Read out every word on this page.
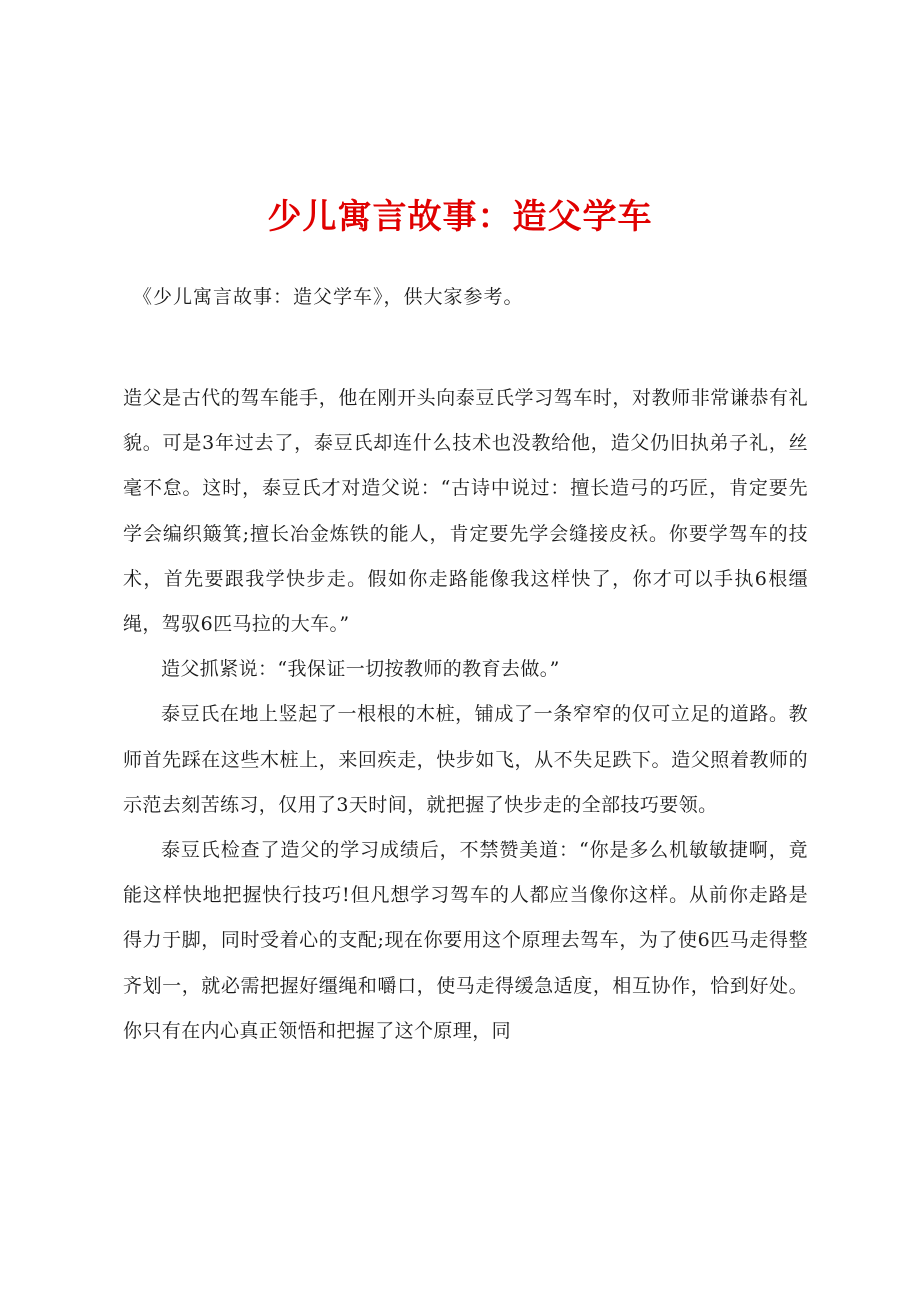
少儿寓言故事：造父学车

《少儿寓言故事：造父学车》，供大家参考。

造父是古代的驾车能手，他在刚开头向泰豆氏学习驾车时，对教师非常谦恭有礼貌。可是3年过去了，泰豆氏却连什么技术也没教给他，造父仍旧执弟子礼，丝毫不怠。这时，泰豆氏才对造父说：“古诗中说过：擅长造弓的巧匠，肯定要先学会编织簸箕;擅长冶金炼铁的能人，肯定要先学会缝接皮袄。你要学驾车的技术，首先要跟我学快步走。假如你走路能像我这样快了，你才可以手执6根缰绳，驾驭6匹马拉的大车。”

造父抓紧说：“我保证一切按教师的教育去做。”

泰豆氏在地上竖起了一根根的木桩，铺成了一条窄窄的仅可立足的道路。教师首先踩在这些木桩上，来回疾走，快步如飞，从不失足跌下。造父照着教师的示范去刻苦练习，仅用了3天时间，就把握了快步走的全部技巧要领。

泰豆氏检查了造父的学习成绩后，不禁赞美道：“你是多么机敏敏捷啊，竟能这样快地把握快行技巧!但凡想学习驾车的人都应当像你这样。从前你走路是得力于脚，同时受着心的支配;现在你要用这个原理去驾车，为了使6匹马走得整齐划一，就必需把握好缰绳和嚼口，使马走得缓急适度，相互协作，恰到好处。你只有在内心真正领悟和把握了这个原理，同
